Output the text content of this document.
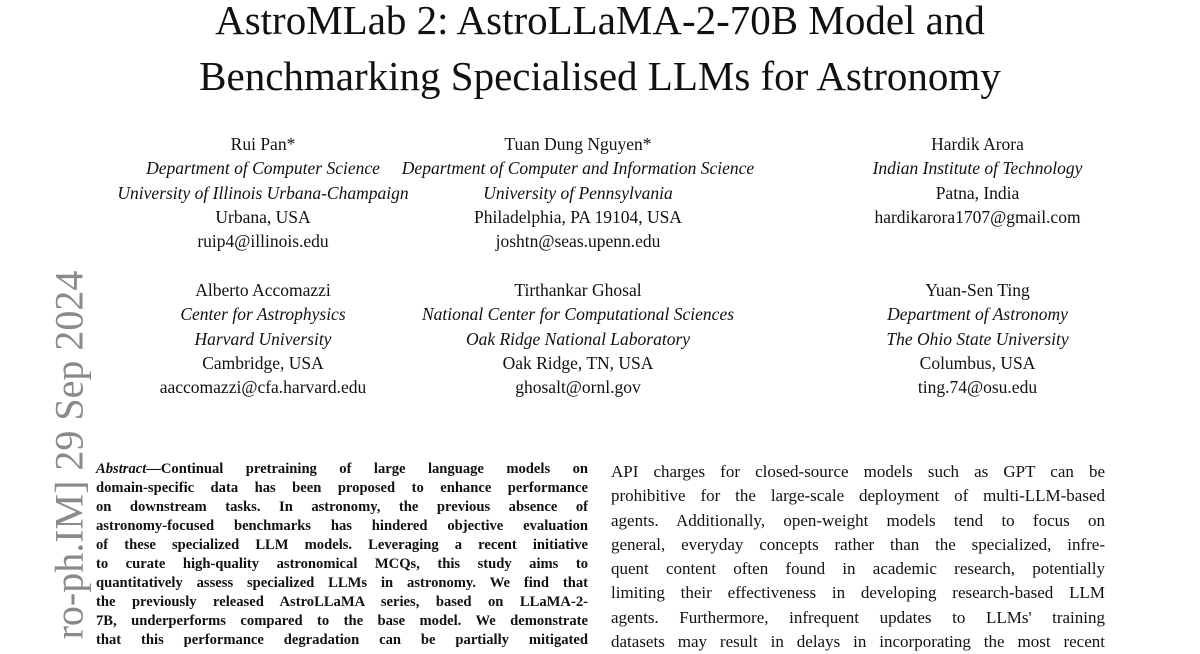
AstroMLab 2: AstroLLaMA-2-70B Model and
Benchmarking Specialised LLMs for Astronomy
Rui Pan*
Department of Computer Science
University of Illinois Urbana-Champaign
Urbana, USA
ruip4@illinois.edu
Tuan Dung Nguyen*
Department of Computer and Information Science
University of Pennsylvania
Philadelphia, PA 19104, USA
joshtn@seas.upenn.edu
Hardik Arora
Indian Institute of Technology
Patna, India
hardikarora1707@gmail.com
Alberto Accomazzi
Center for Astrophysics
Harvard University
Cambridge, USA
aaccomazzi@cfa.harvard.edu
Tirthankar Ghosal
National Center for Computational Sciences
Oak Ridge National Laboratory
Oak Ridge, TN, USA
ghosalt@ornl.gov
Yuan-Sen Ting
Department of Astronomy
The Ohio State University
Columbus, USA
ting.74@osu.edu
ro-ph.IM] 29 Sep 2024 Abstract—Continual pretraining of large language models on
domain-specific data has been proposed to enhance performance
on downstream tasks. In astronomy, the previous absence of
astronomy-focused benchmarks has hindered objective evaluation
of these specialized LLM models. Leveraging a recent initiative
to curate high-quality astronomical MCQs, this study aims to
quantitatively assess specialized LLMs in astronomy. We find that
the previously released AstroLLaMA series, based on LLaMA-2-
7B, underperforms compared to the base model. We demonstrate
that this performance degradation can be partially mitigated
API charges for closed-source models such as GPT can be
prohibitive for the large-scale deployment of multi-LLM-based
agents. Additionally, open-weight models tend to focus on
general, everyday concepts rather than the specialized, infre-
quent content often found in academic research, potentially
limiting their effectiveness in developing research-based LLM
agents. Furthermore, infrequent updates to LLMs' training
datasets may result in delays in incorporating the most recent
